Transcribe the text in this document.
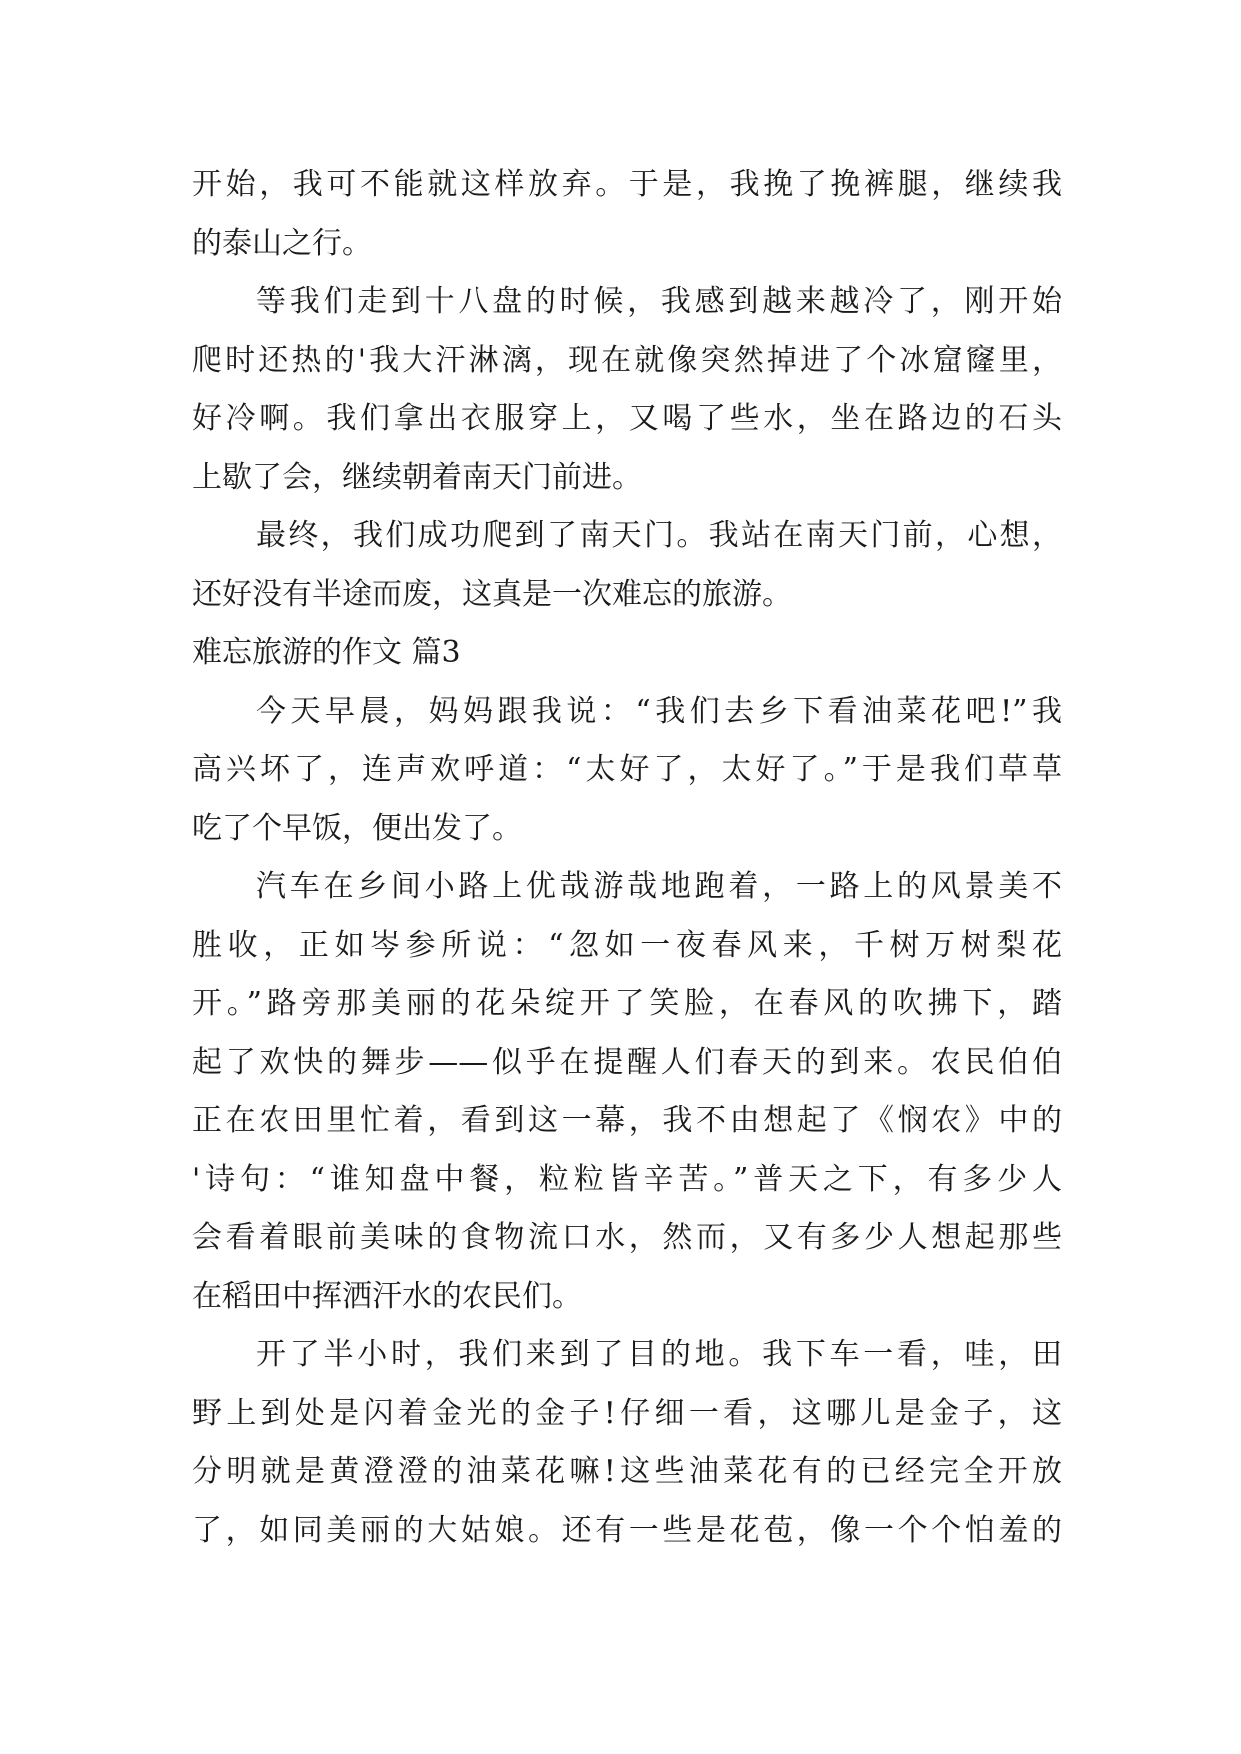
开始，我可不能就这样放弃。于是，我挽了挽裤腿，继续我
的泰山之行。
等我们走到十八盘的时候，我感到越来越冷了，刚开始
爬时还热的'我大汗淋漓，现在就像突然掉进了个冰窟窿里，
好冷啊。我们拿出衣服穿上，又喝了些水，坐在路边的石头
上歇了会，继续朝着南天门前进。
最终，我们成功爬到了南天门。我站在南天门前，心想，
还好没有半途而废，这真是一次难忘的旅游。
难忘旅游的作文 篇3
今天早晨，妈妈跟我说：“我们去乡下看油菜花吧!”我
高兴坏了，连声欢呼道：“太好了，太好了。”于是我们草草
吃了个早饭，便出发了。
汽车在乡间小路上优哉游哉地跑着，一路上的风景美不
胜收，正如岑参所说：“忽如一夜春风来，千树万树梨花
开。”路旁那美丽的花朵绽开了笑脸，在春风的吹拂下，踏
起了欢快的舞步——似乎在提醒人们春天的到来。农民伯伯
正在农田里忙着，看到这一幕，我不由想起了《悯农》中的
'诗句：“谁知盘中餐，粒粒皆辛苦。”普天之下，有多少人
会看着眼前美味的食物流口水，然而，又有多少人想起那些
在稻田中挥洒汗水的农民们。
开了半小时，我们来到了目的地。我下车一看，哇，田
野上到处是闪着金光的金子!仔细一看，这哪儿是金子，这
分明就是黄澄澄的油菜花嘛!这些油菜花有的已经完全开放
了，如同美丽的大姑娘。还有一些是花苞，像一个个怕羞的
